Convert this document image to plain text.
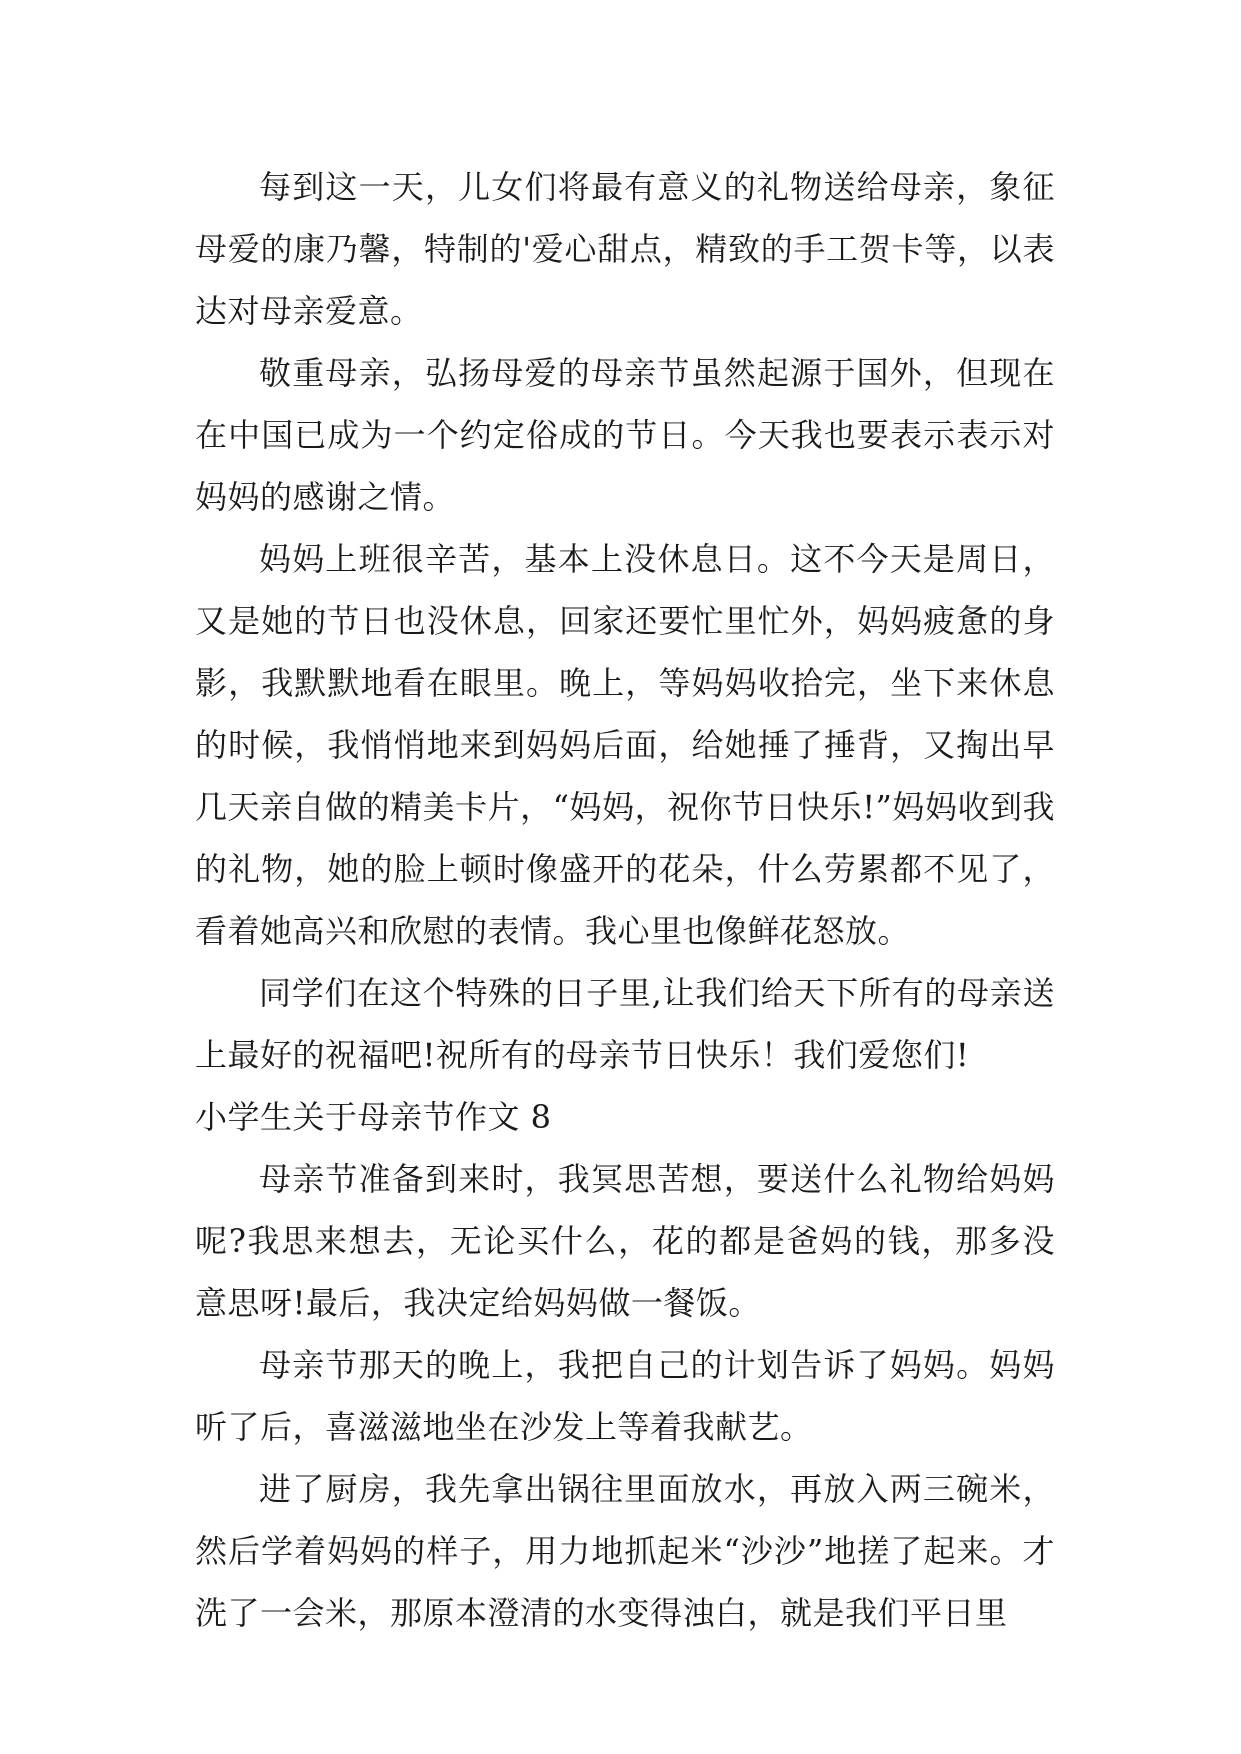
每到这一天，儿女们将最有意义的礼物送给母亲，象征母爱的康乃馨，特制的'爱心甜点，精致的手工贺卡等，以表达对母亲爱意。

敬重母亲，弘扬母爱的母亲节虽然起源于国外，但现在在中国已成为一个约定俗成的节日。今天我也要表示表示对妈妈的感谢之情。

妈妈上班很辛苦，基本上没休息日。这不今天是周日，又是她的节日也没休息，回家还要忙里忙外，妈妈疲惫的身影，我默默地看在眼里。晚上，等妈妈收拾完，坐下来休息的时候，我悄悄地来到妈妈后面，给她捶了捶背，又掏出早几天亲自做的精美卡片，“妈妈，祝你节日快乐!”妈妈收到我的礼物，她的脸上顿时像盛开的花朵，什么劳累都不见了，看着她高兴和欣慰的表情。我心里也像鲜花怒放。

同学们在这个特殊的日子里,让我们给天下所有的母亲送上最好的祝福吧!祝所有的母亲节日快乐！我们爱您们!

小学生关于母亲节作文 8

母亲节准备到来时，我冥思苦想，要送什么礼物给妈妈呢?我思来想去，无论买什么，花的都是爸妈的钱，那多没意思呀!最后，我决定给妈妈做一餐饭。

母亲节那天的晚上，我把自己的计划告诉了妈妈。妈妈听了后，喜滋滋地坐在沙发上等着我献艺。

进了厨房，我先拿出锅往里面放水，再放入两三碗米，然后学着妈妈的样子，用力地抓起米“沙沙”地搓了起来。才洗了一会米，那原本澄清的水变得浊白，就是我们平日里
